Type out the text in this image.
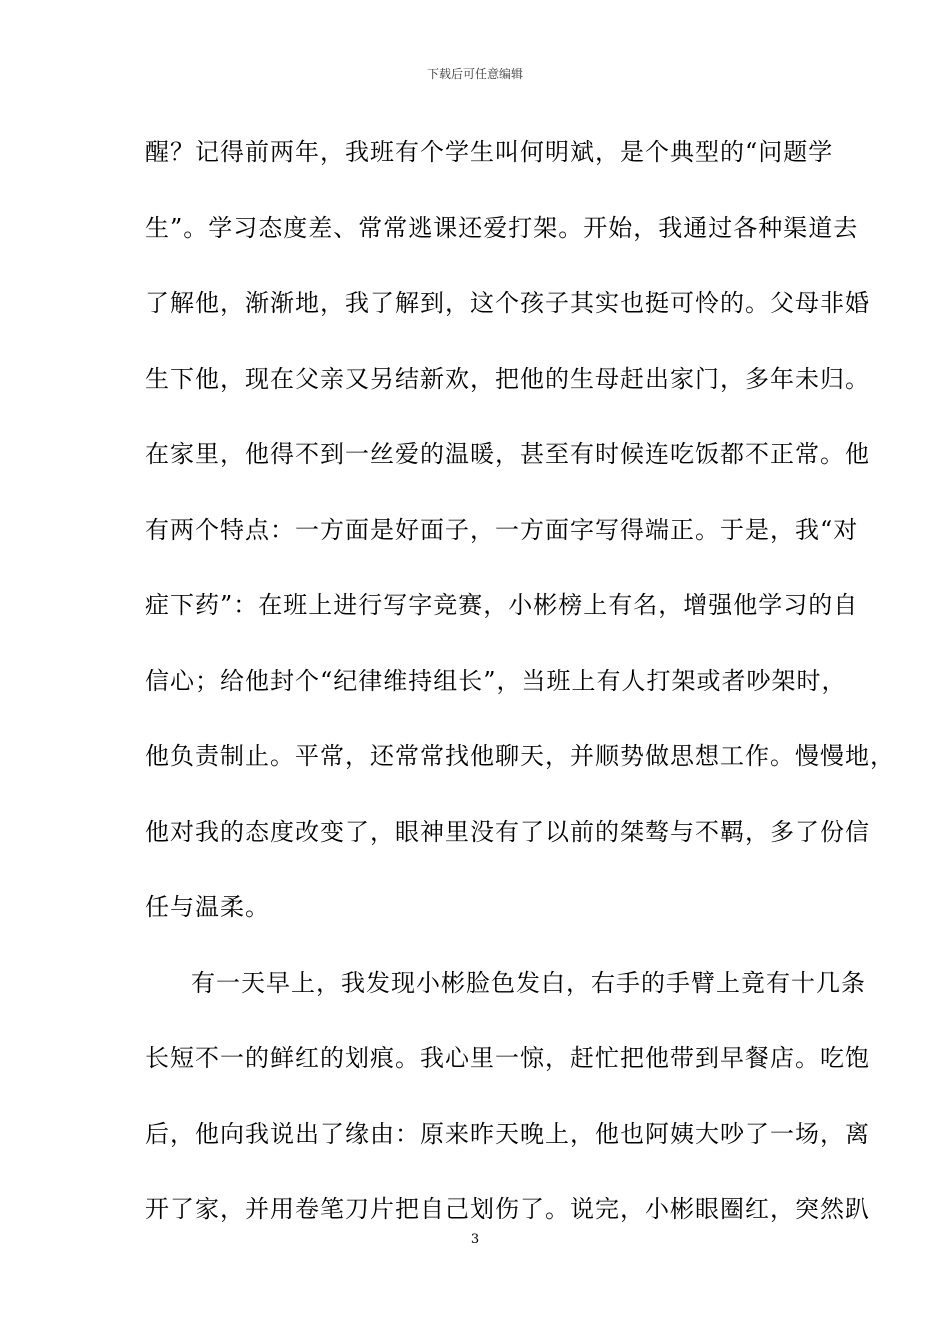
下载后可任意编辑
醒？记得前两年，我班有个学生叫何明斌，是个典型的“问题学
生”。学习态度差、常常逃课还爱打架。开始，我通过各种渠道去
了解他，渐渐地，我了解到，这个孩子其实也挺可怜的。父母非婚
生下他，现在父亲又另结新欢，把他的生母赶出家门，多年未归。
在家里，他得不到一丝爱的温暖，甚至有时候连吃饭都不正常。他
有两个特点：一方面是好面子，一方面字写得端正。于是，我“对
症下药”：在班上进行写字竞赛，小彬榜上有名，增强他学习的自
信心；给他封个“纪律维持组长”，当班上有人打架或者吵架时，
他负责制止。平常，还常常找他聊天，并顺势做思想工作。慢慢地，
他对我的态度改变了，眼神里没有了以前的桀骜与不羁，多了份信
任与温柔。
有一天早上，我发现小彬脸色发白，右手的手臂上竟有十几条
长短不一的鲜红的划痕。我心里一惊，赶忙把他带到早餐店。吃饱
后，他向我说出了缘由：原来昨天晚上，他也阿姨大吵了一场，离
开了家，并用卷笔刀片把自己划伤了。说完，小彬眼圈红，突然趴
3
